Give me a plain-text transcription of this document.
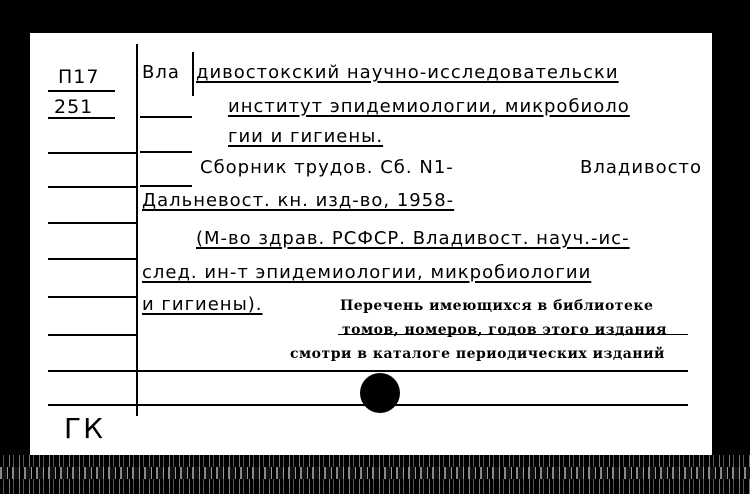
П17
251
Вла дивостокский научно-исследовательски
институт эпидемиологии, микробиоло
гии и гигиены.
Сборник трудов. Сб. N1-	Владивосто
Дальневост. кн. изд-во, 1958-
(М-во здрав. РСФСР. Владивост. науч.-ис-
след. ин-т эпидемиологии, микробиологии
и гигиены).	Перечень имеющихся в библиотеке
томов, номеров, годов этого издания
смотри в каталоге периодических изданий
ГК
